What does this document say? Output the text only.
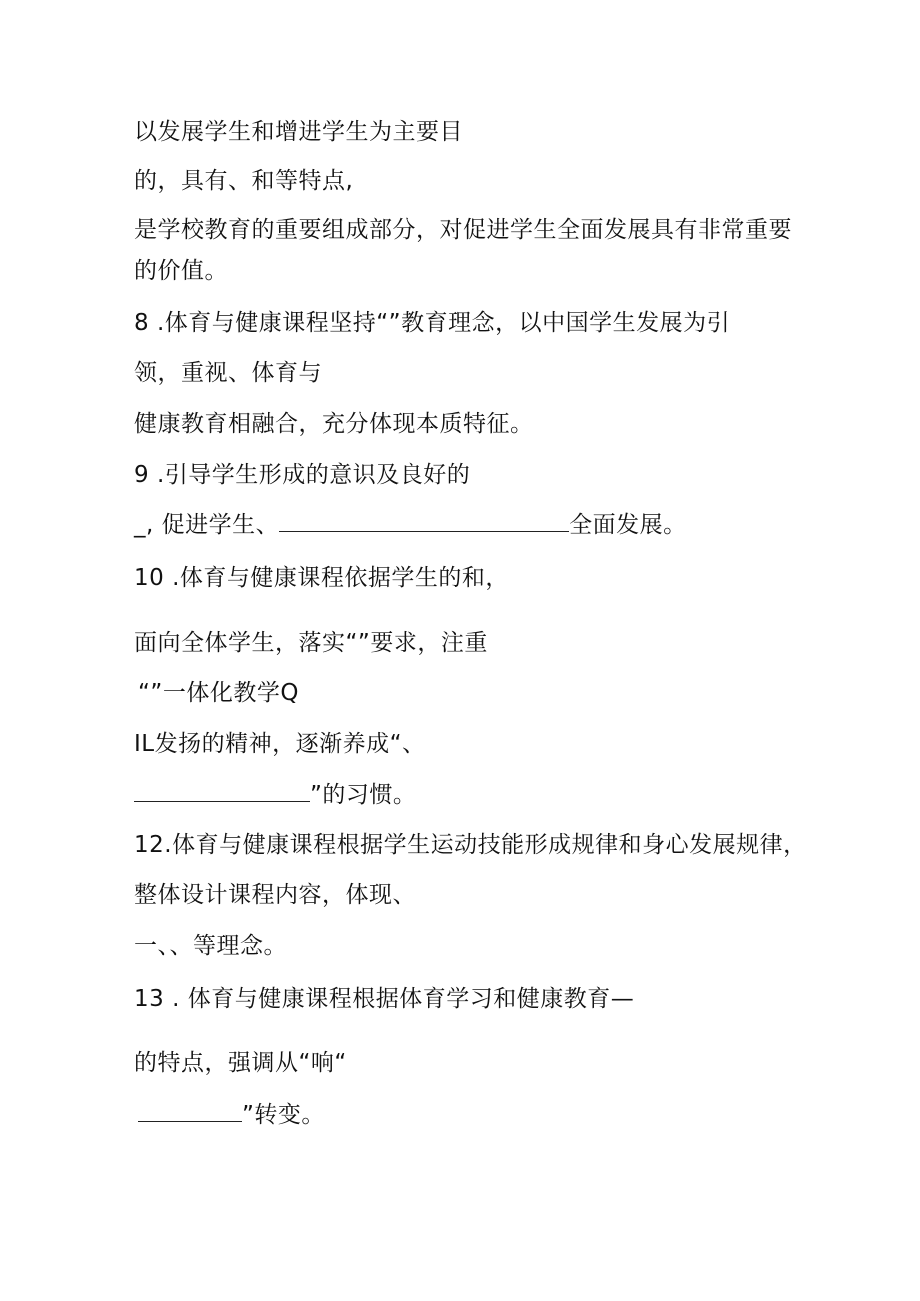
以发展学生和增进学生为主要目
的，具有、和等特点,
是学校教育的重要组成部分，对促进学生全面发展具有非常重要
的价值。
8 .体育与健康课程坚持“”教育理念，以中国学生发展为引
领，重视、体育与
健康教育相融合，充分体现本质特征。
9 .引导学生形成的意识及良好的
_, 促进学生、	全面发展。
10 .体育与健康课程依据学生的和，
面向全体学生，落实“”要求，注重
“”一体化教学Q
IL发扬的精神，逐渐养成“、
”的习惯。
12.体育与健康课程根据学生运动技能形成规律和身心发展规律，
整体设计课程内容，体现、
一、、等理念。
13 . 体育与健康课程根据体育学习和健康教育—
的特点，强调从“响“
”转变。
